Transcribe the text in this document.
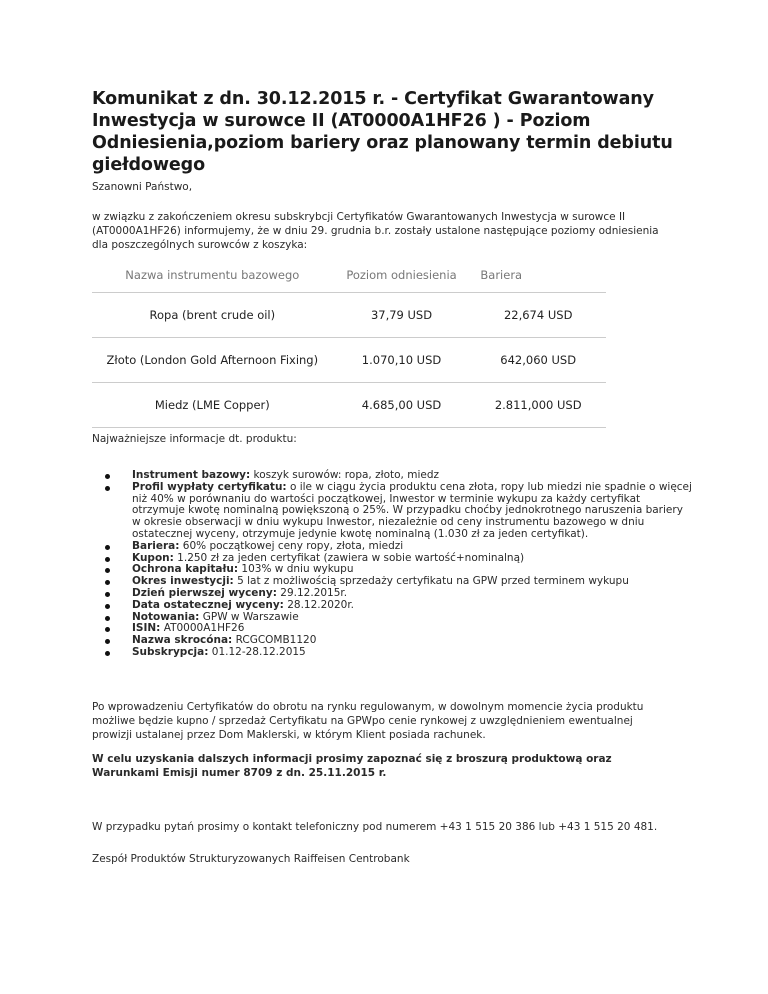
Komunikat z dn. 30.12.2015 r. - Certyfikat Gwarantowany Inwestycja w surowce II (AT0000A1HF26 ) - Poziom Odniesienia,poziom bariery oraz planowany termin debiutu giełdowego

Szanowni Państwo,

w związku z zakończeniem okresu subskrybcji Certyfikatów Gwarantowanych Inwestycja w surowce II (AT0000A1HF26) informujemy, że w dniu 29. grudnia b.r. zostały ustalone następujące poziomy odniesienia dla poszczególnych surowców z koszyka:

Nazwa instrumentu bazowego	Poziom odniesienia	Bariera
Ropa (brent crude oil)	37,79 USD	22,674 USD
Złoto (London Gold Afternoon Fixing)	1.070,10 USD	642,060 USD
Miedz (LME Copper)	4.685,00 USD	2.811,000 USD

Najważniejsze informacje dt. produktu:

Instrument bazowy: koszyk surowów: ropa, złoto, miedz
Profil wypłaty certyfikatu: o ile w ciągu życia produktu cena złota, ropy lub miedzi nie spadnie o więcej niż 40% w porównaniu do wartości początkowej, Inwestor w terminie wykupu za każdy certyfikat otrzymuje kwotę nominalną powiększoną o 25%. W przypadku choćby jednokrotnego naruszenia bariery w okresie obserwacji w dniu wykupu Inwestor, niezależnie od ceny instrumentu bazowego w dniu ostatecznej wyceny, otrzymuje jedynie kwotę nominalną (1.030 zł za jeden certyfikat).
Bariera: 60% początkowej ceny ropy, złota, miedzi
Kupon: 1.250 zł za jeden certyfikat (zawiera w sobie wartość+nominalną)
Ochrona kapitału: 103% w dniu wykupu
Okres inwestycji: 5 lat z możliwością sprzedaży certyfikatu na GPW przed terminem wykupu
Dzień pierwszej wyceny: 29.12.2015r.
Data ostatecznej wyceny: 28.12.2020r.
Notowania: GPW w Warszawie
ISIN: AT0000A1HF26
Nazwa skrocóna: RCGCOMB1120
Subskrypcja: 01.12-28.12.2015

Po wprowadzeniu Certyfikatów do obrotu na rynku regulowanym, w dowolnym momencie życia produktu możliwe będzie kupno / sprzedaż Certyfikatu na GPWpo cenie rynkowej z uwzględnieniem ewentualnej prowizji ustalanej przez Dom Maklerski, w którym Klient posiada rachunek.

W celu uzyskania dalszych informacji prosimy zapoznać się z broszurą produktową oraz Warunkami Emisji numer 8709 z dn. 25.11.2015 r.

W przypadku pytań prosimy o kontakt telefoniczny pod numerem +43 1 515 20 386 lub +43 1 515 20 481.

Zespół Produktów Strukturyzowanych Raiffeisen Centrobank
